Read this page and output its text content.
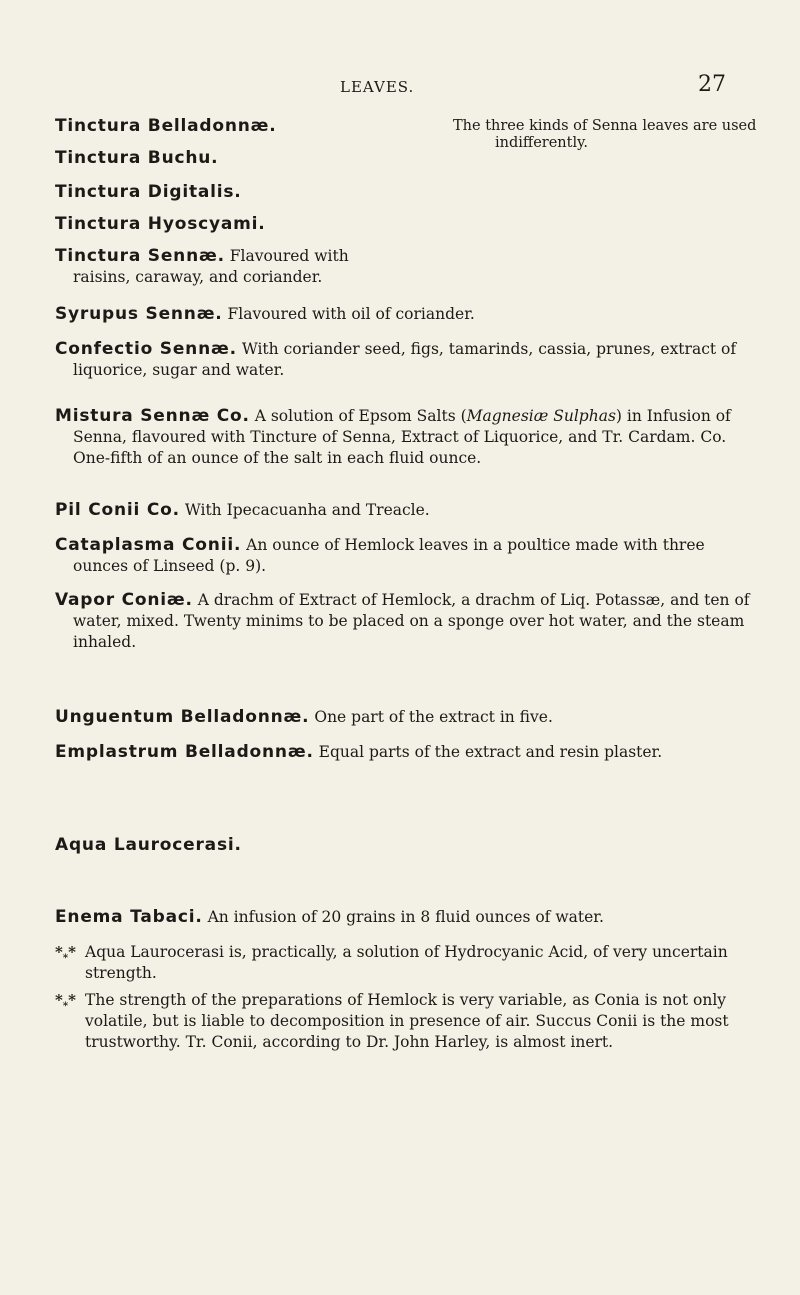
LEAVES.	27
The three kinds of Senna leaves are used indifferently.
Tinctura Belladonnæ.
Tinctura Buchu.
Tinctura Digitalis.
Tinctura Hyoscyami.
Tinctura Sennæ. Flavoured with raisins, caraway, and coriander.
Syrupus Sennæ. Flavoured with oil of coriander.
Confectio Sennæ. With coriander seed, figs, tamarinds, cassia, prunes, extract of liquorice, sugar and water.
Mistura Sennæ Co. A solution of Epsom Salts (Magnesiæ Sulphas) in Infusion of Senna, flavoured with Tincture of Senna, Extract of Liquorice, and Tr. Cardam. Co. One-fifth of an ounce of the salt in each fluid ounce.
Pil Conii Co. With Ipecacuanha and Treacle.
Cataplasma Conii. An ounce of Hemlock leaves in a poultice made with three ounces of Linseed (p. 9).
Vapor Coniæ. A drachm of Extract of Hemlock, a drachm of Liq. Potassæ, and ten of water, mixed. Twenty minims to be placed on a sponge over hot water, and the steam inhaled.
Unguentum Belladonnæ. One part of the extract in five.
Emplastrum Belladonnæ. Equal parts of the extract and resin plaster.
Aqua Laurocerasi.
Enema Tabaci. An infusion of 20 grains in 8 fluid ounces of water.
$*_**$ Aqua Laurocerasi is, practically, a solution of Hydrocyanic Acid, of very uncertain strength.
$*_**$ The strength of the preparations of Hemlock is very variable, as Conia is not only volatile, but is liable to decomposition in presence of air. Succus Conii is the most trustworthy. Tr. Conii, according to Dr. John Harley, is almost inert.
